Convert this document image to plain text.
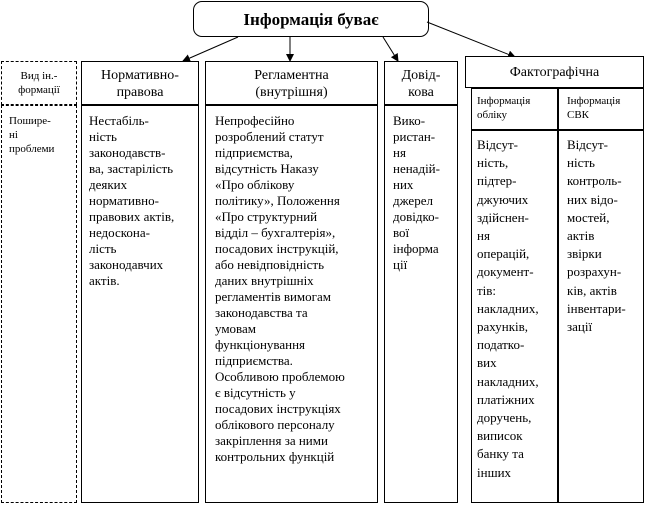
Інформація буває
Вид ін.-
формації
Пошире-
ні
проблеми
Нормативно-
правова
Нестабіль-
ність
законодавств-
ва, застарілість
деяких
нормативно-
правових актів,
недоскона-
лість
законодавчих
актів.
Регламентна
(внутрішня)
Непрофесійно
розроблений статут
підприємства,
відсутність Наказу
«Про облікову
політику», Положення
«Про структурний
відділ – бухгалтерія»,
посадових інструкцій,
або невідповідність
даних внутрішніх
регламентів вимогам
законодавства та
умовам
функціонування
підприємства.
Особливою проблемою
є відсутність у
посадових інструкціях
облікового персоналу
закріплення за ними
контрольних функцій
Довід-
кова
Вико-
ристан-
ня
ненадій-
них
джерел
довідко-
вої
інформа
ції
Фактографічна
Інформація
обліку
Відсут-
ність,
підтер-
джуючих
здійснен-
ня
операцій,
документ-
тів:
накладних,
рахунків,
податко-
вих
накладних,
платіжних
доручень,
виписок
банку та
інших
Інформація
СВК
Відсут-
ність
контроль-
них відо-
мостей,
актів
звірки
розрахун-
ків, актів
інвентари-
зації
